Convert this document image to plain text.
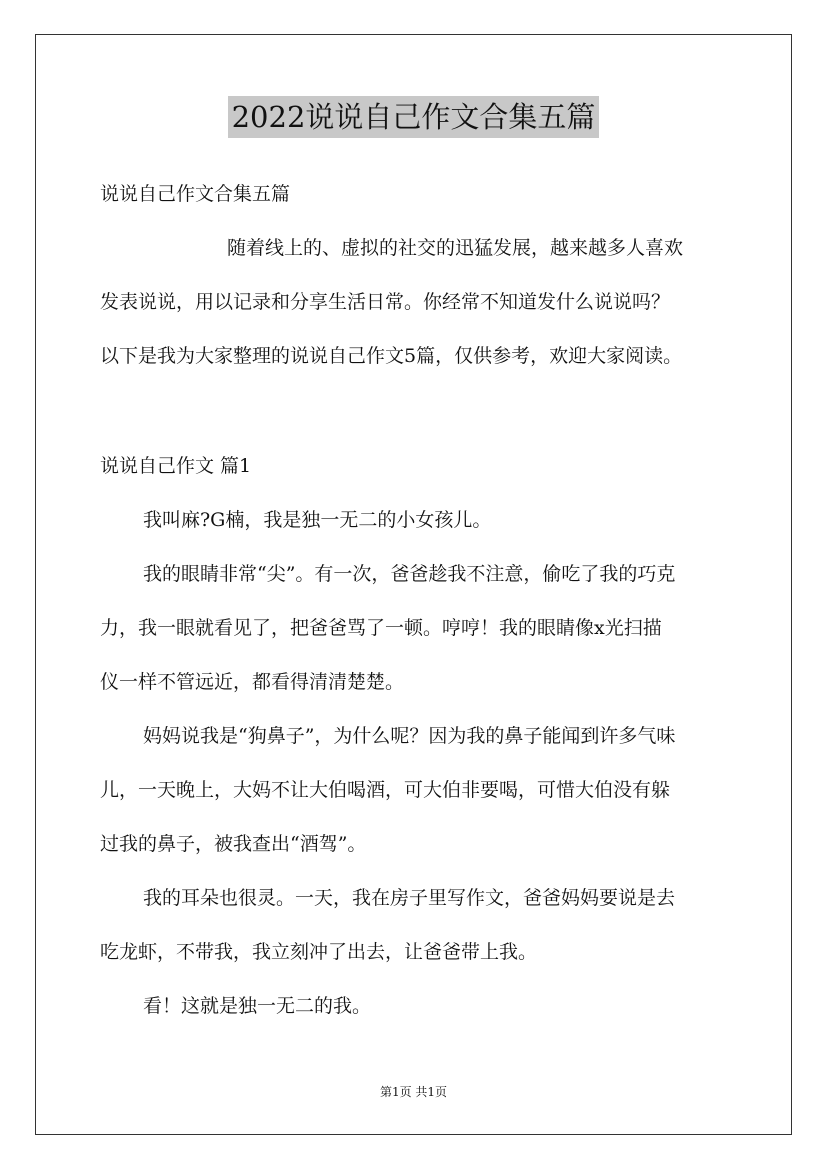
2022说说自己作文合集五篇
说说自己作文合集五篇
随着线上的、虚拟的社交的迅猛发展，越来越多人喜欢
发表说说，用以记录和分享生活日常。你经常不知道发什么说说吗？
以下是我为大家整理的说说自己作文5篇，仅供参考，欢迎大家阅读。
说说自己作文 篇1
我叫麻?G楠，我是独一无二的小女孩儿。
我的眼睛非常“尖”。有一次，爸爸趁我不注意，偷吃了我的巧克
力，我一眼就看见了，把爸爸骂了一顿。哼哼！我的眼睛像x光扫描
仪一样不管远近，都看得清清楚楚。
妈妈说我是“狗鼻子”，为什么呢？因为我的鼻子能闻到许多气味
儿，一天晚上，大妈不让大伯喝酒，可大伯非要喝，可惜大伯没有躲
过我的鼻子，被我查出“酒驾”。
我的耳朵也很灵。一天，我在房子里写作文，爸爸妈妈要说是去
吃龙虾，不带我，我立刻冲了出去，让爸爸带上我。
看！这就是独一无二的我。
第1页 共1页
